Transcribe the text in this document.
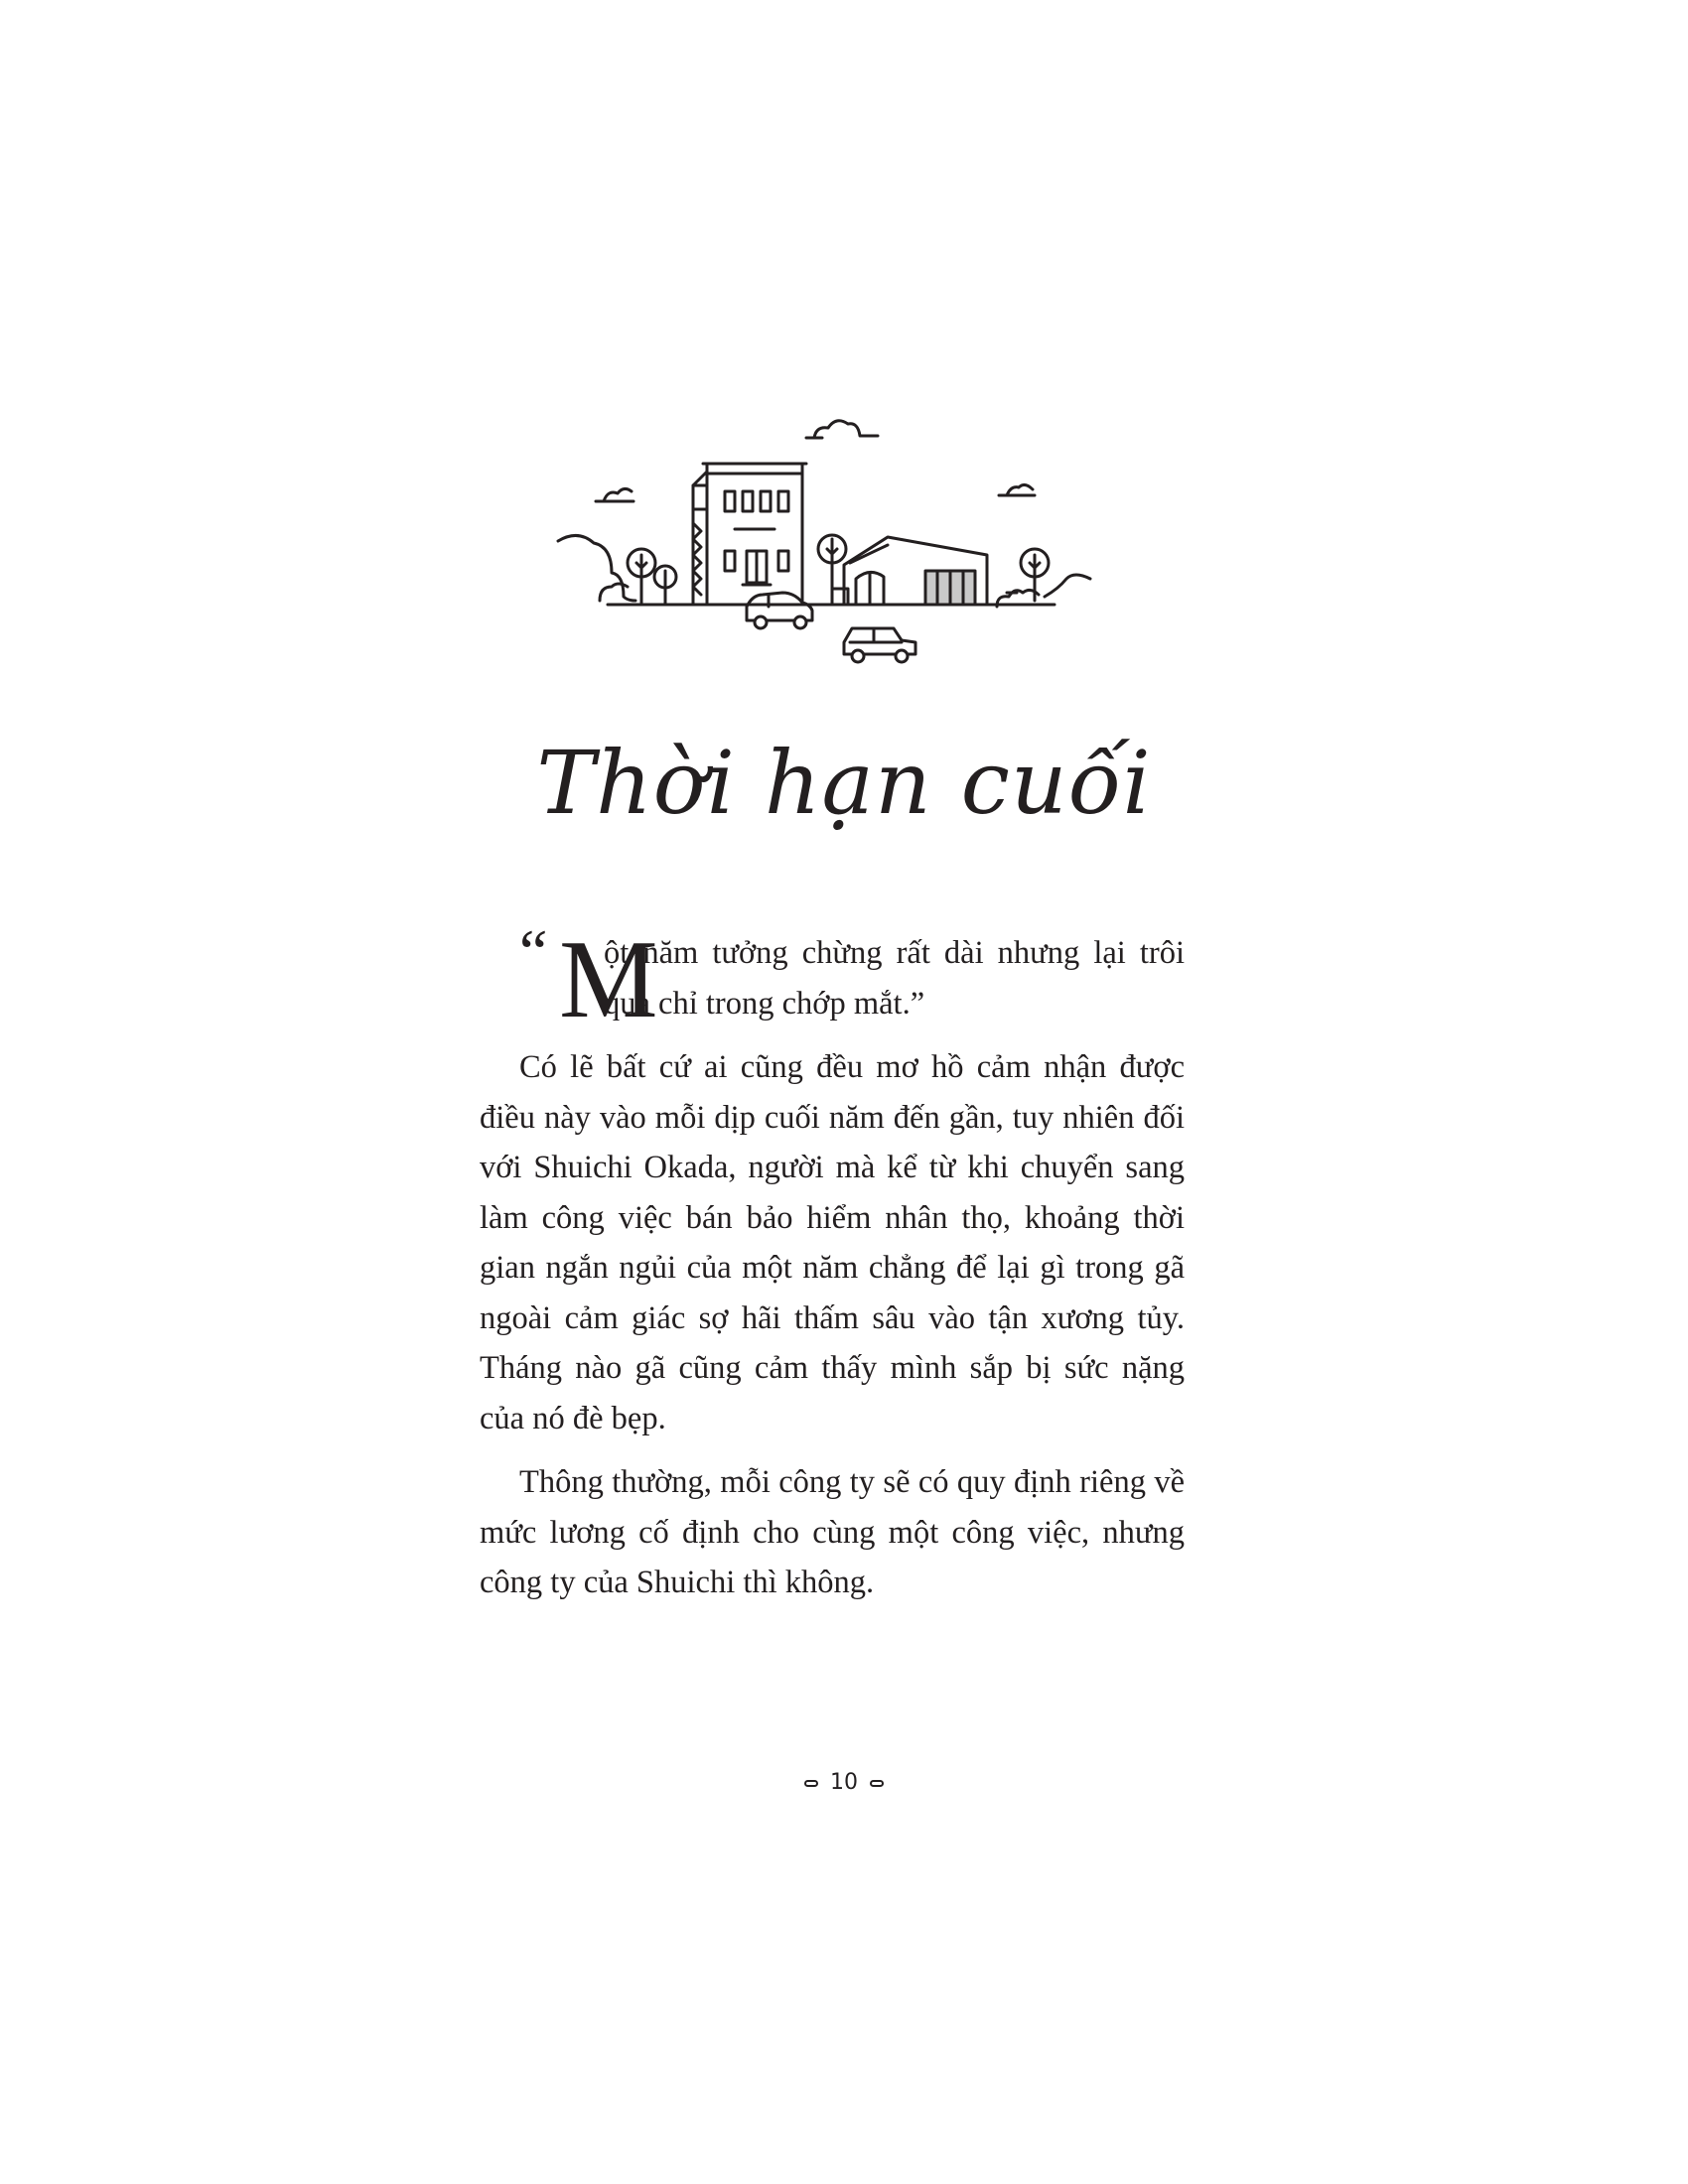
Thời hạn cuối

“ M
ột năm tưởng chừng rất dài nhưng lại trôi qua chỉ trong chớp mắt.”

Có lẽ bất cứ ai cũng đều mơ hồ cảm nhận được điều này vào mỗi dịp cuối năm đến gần, tuy nhiên đối với Shuichi Okada, người mà kể từ khi chuyển sang làm công việc bán bảo hiểm nhân thọ, khoảng thời gian ngắn ngủi của một năm chẳng để lại gì trong gã ngoài cảm giác sợ hãi thấm sâu vào tận xương tủy. Tháng nào gã cũng cảm thấy mình sắp bị sức nặng của nó đè bẹp.

Thông thường, mỗi công ty sẽ có quy định riêng về mức lương cố định cho cùng một công việc, nhưng công ty của Shuichi thì không.

10
